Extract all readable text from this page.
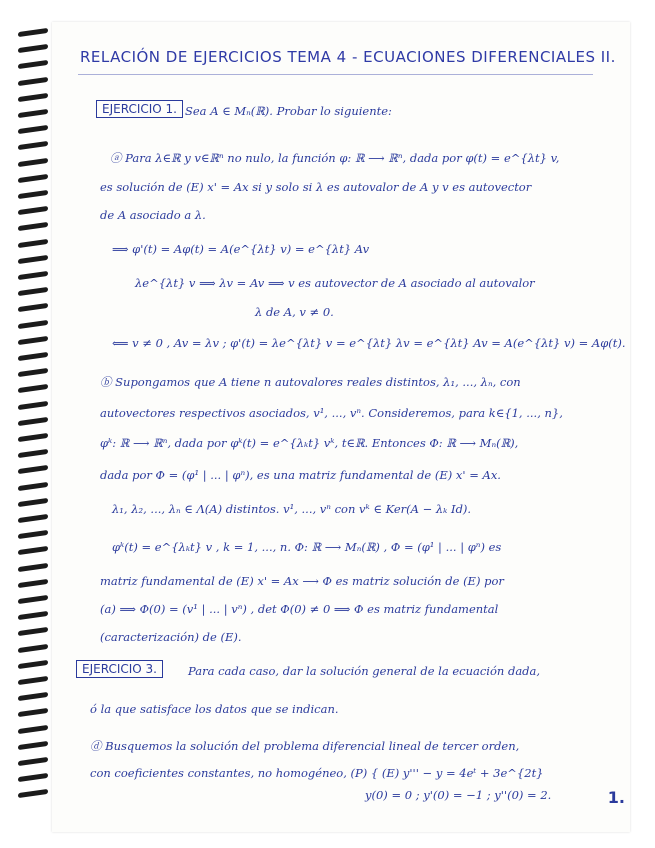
RELACIÓN DE EJERCICIOS TEMA 4 - ECUACIONES DIFERENCIALES II.
EJERCICIO 1. Sea A ∈ Mₙ(ℝ). Probar lo siguiente:
ⓐ Para λ∈ℝ y v∈ℝⁿ no nulo, la función φ: ℝ ⟶ ℝⁿ, dada por φ(t) = e^{λt} v,
es solución de (E) x' = Ax si y solo si λ es autovalor de A y v es autovector
de A asociado a λ.
⟹ φ'(t) = Aφ(t) = A(e^{λt} v) = e^{λt} Av
λe^{λt} v ⟹ λv = Av ⟹ v es autovector de A asociado al autovalor
λ de A, v ≠ 0.
⟸ v ≠ 0 , Av = λv ; φ'(t) = λe^{λt} v = e^{λt} λv = e^{λt} Av = A(e^{λt} v) = Aφ(t).
ⓑ Supongamos que A tiene n autovalores reales distintos, λ₁, ..., λₙ, con
autovectores respectivos asociados, v¹, ..., vⁿ. Consideremos, para k∈{1, ..., n},
φᵏ: ℝ ⟶ ℝⁿ, dada por φᵏ(t) = e^{λₖt} vᵏ, t∈ℝ. Entonces Φ: ℝ ⟶ Mₙ(ℝ),
dada por Φ = (φ¹ | ... | φⁿ), es una matriz fundamental de (E) x' = Ax.
λ₁, λ₂, ..., λₙ ∈ Λ(A) distintos. v¹, ..., vⁿ con vᵏ ∈ Ker(A − λₖ Id).
φᵏ(t) = e^{λₖt} v , k = 1, ..., n. Φ: ℝ ⟶ Mₙ(ℝ) , Φ = (φ¹ | ... | φⁿ) es
matriz fundamental de (E) x' = Ax ⟶ Φ es matriz solución de (E) por
(a) ⟹ Φ(0) = (v¹ | ... | vⁿ) , det Φ(0) ≠ 0 ⟹ Φ es matriz fundamental
(caracterización) de (E).
EJERCICIO 3.	Para cada caso, dar la solución general de la ecuación dada,
ó la que satisface los datos que se indican.
ⓓ Busquemos la solución del problema diferencial lineal de tercer orden,
con coeficientes constantes, no homogéneo, (P) { (E) y''' − y = 4eᵗ + 3e^{2t}
y(0) = 0 ; y'(0) = −1 ; y''(0) = 2.	1.
